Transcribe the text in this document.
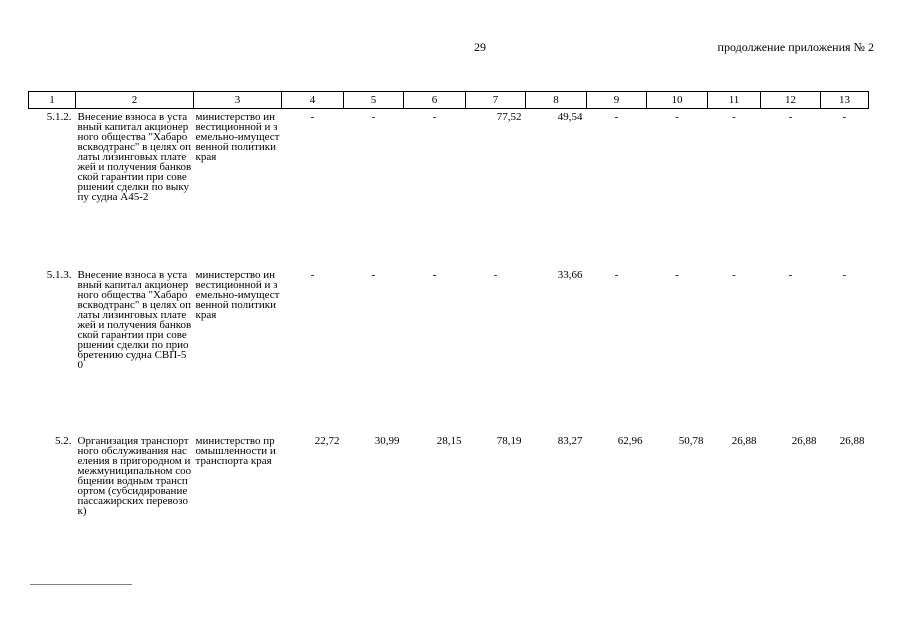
29	продолжение приложения № 2
1	2	3	4	5	6	7	8	9	10	11	12	13
5.1.2.	Внесение взноса в уставный капитал акционерного общества "Хабаровскводтранс" в целях оплаты лизинговых платежей и получения банковской гарантии при совершении сделки по выкупу судна А45-2	министерство инвестиционной и земельно-имущественной политики края	-	-	-	77,52	49,54	-	-	-	-	-
5.1.3.	Внесение взноса в уставный капитал акционерного общества "Хабаровскводтранс" в целях оплаты лизинговых платежей и получения банковской гарантии при совершении сделки по приобретению судна СВП-50	министерство инвестиционной и земельно-имущественной политики края	-	-	-	-	33,66	-	-	-	-	-
5.2.	Организация транспортного обслуживания населения в пригородном и межмуниципальном сообщении водным транспортом (субсидирование пассажирских перевозок)	министерство промышленности и транспорта края	22,72	30,99	28,15	78,19	83,27	62,96	50,78	26,88	26,88	26,88
